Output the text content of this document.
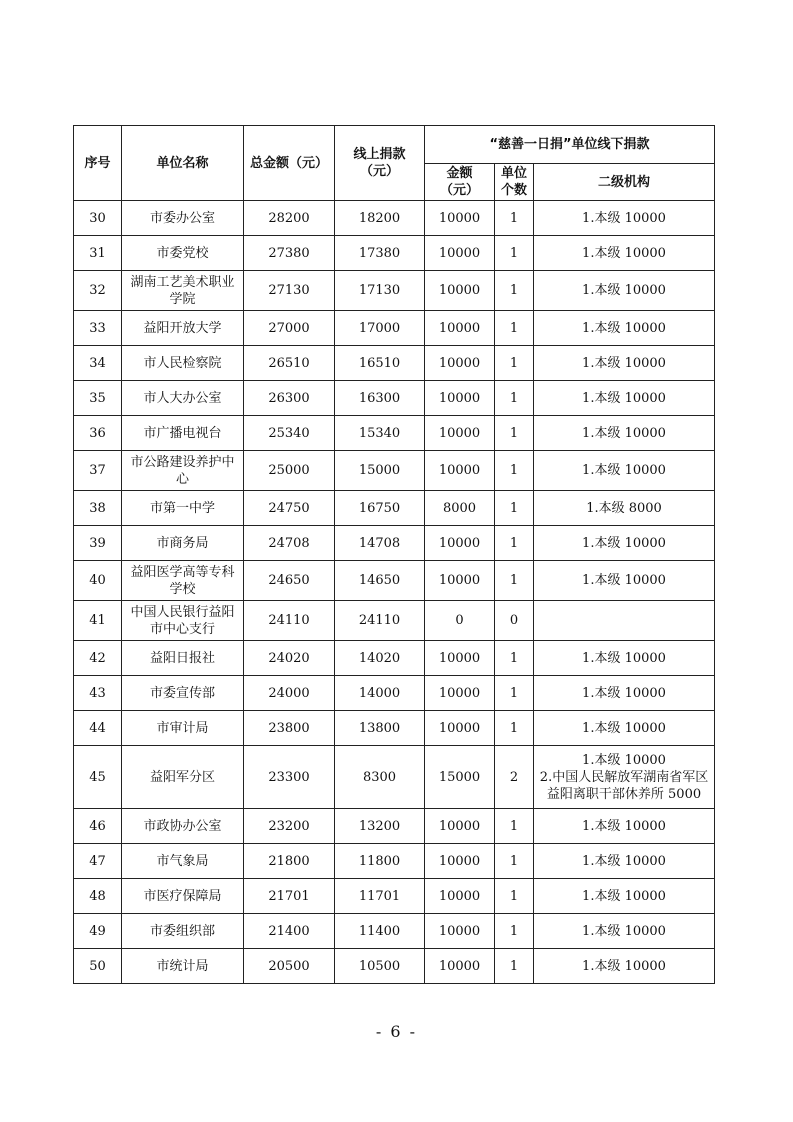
序号	单位名称	总金额（元）	线上捐款（元）	“慈善一日捐”单位线下捐款		
				金额（元）	单位个数	二级机构
30	市委办公室	28200	18200	10000	1	1.本级 10000

31	市委党校	27380	17380	10000	1	1.本级 10000

32	湖南工艺美术职业学院	27130	17130	10000	1	1.本级 10000

33	益阳开放大学	27000	17000	10000	1	1.本级 10000

34	市人民检察院	26510	16510	10000	1	1.本级 10000

35	市人大办公室	26300	16300	10000	1	1.本级 10000

36	市广播电视台	25340	15340	10000	1	1.本级 10000

37	市公路建设养护中心	25000	15000	10000	1	1.本级 10000

38	市第一中学	24750	16750	8000	1	1.本级 8000

39	市商务局	24708	14708	10000	1	1.本级 10000

40	益阳医学高等专科学校	24650	14650	10000	1	1.本级 10000

41	中国人民银行益阳市中心支行	24110	24110	0	0	
42	益阳日报社	24020	14020	10000	1	1.本级 10000

43	市委宣传部	24000	14000	10000	1	1.本级 10000

44	市审计局	23800	13800	10000	1	1.本级 10000

45	益阳军分区	23300	8300	15000	2	1.本级 10000
2.中国人民解放军湖南省军区益阳离职干部休养所 5000

46	市政协办公室	23200	13200	10000	1	1.本级 10000

47	市气象局	21800	11800	10000	1	1.本级 10000

48	市医疗保障局	21701	11701	10000	1	1.本级 10000

49	市委组织部	21400	11400	10000	1	1.本级 10000

50	市统计局	20500	10500	10000	1	1.本级 10000
- 6 -
